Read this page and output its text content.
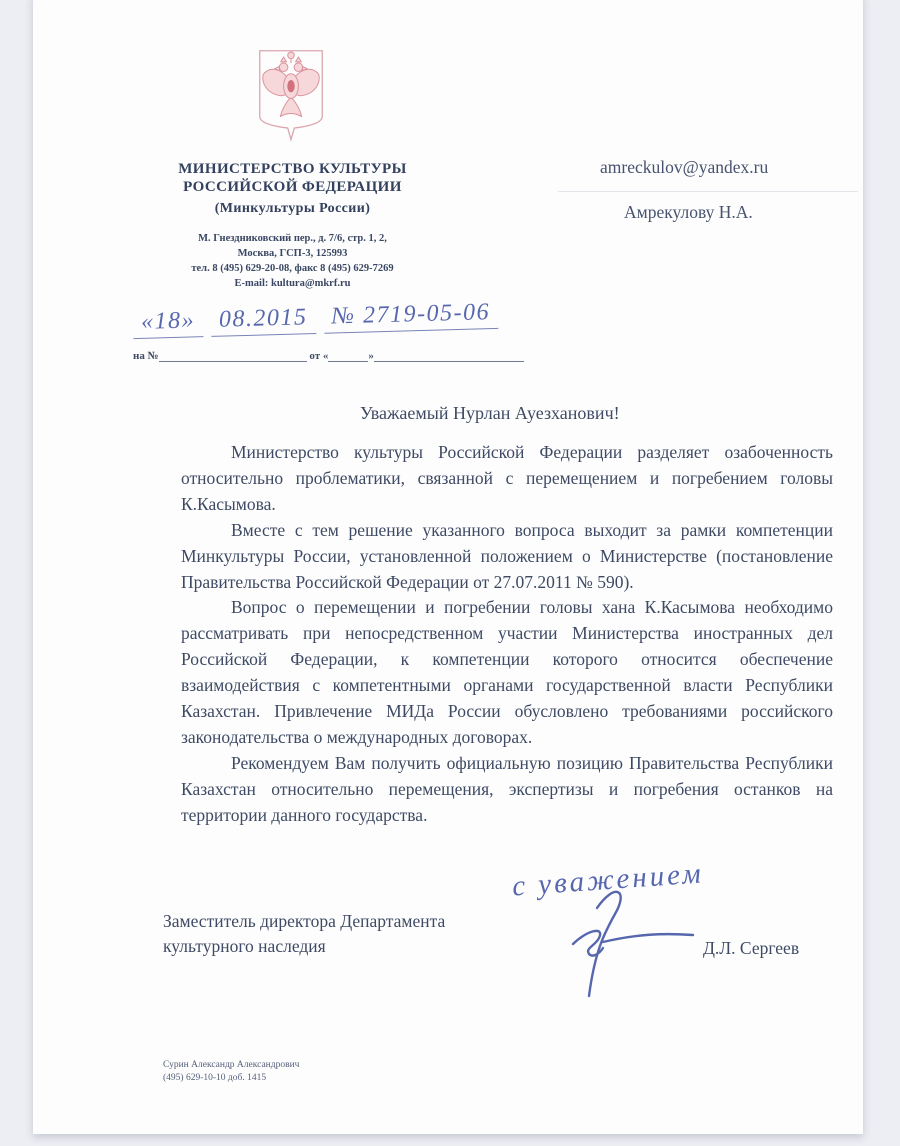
МИНИСТЕРСТВО КУЛЬТУРЫ
РОССИЙСКОЙ ФЕДЕРАЦИИ
(Минкультуры России)
М. Гнездниковский пер., д. 7/6, стр. 1, 2,
Москва, ГСП-3, 125993
тел. 8 (495) 629-20-08, факс 8 (495) 629-7269
E-mail: kultura@mkrf.ru
amreckulov@yandex.ru
Амрекулову Н.А.
«18» 08.2015 № 2719-05-06
на №	от «	»
Уважаемый Нурлан Ауезханович!

Министерство культуры Российской Федерации разделяет озабоченность относительно проблематики, связанной с перемещением и погребением головы К.Касымова.

Вместе с тем решение указанного вопроса выходит за рамки компетенции Минкультуры России, установленной положением о Министерстве (постановление Правительства Российской Федерации от 27.07.2011 № 590).

Вопрос о перемещении и погребении головы хана К.Касымова необходимо рассматривать при непосредственном участии Министерства иностранных дел Российской Федерации, к компетенции которого относится обеспечение взаимодействия с компетентными органами государственной власти Республики Казахстан. Привлечение МИДа России обусловлено требованиями российского законодательства о международных договорах.

Рекомендуем Вам получить официальную позицию Правительства Республики Казахстан относительно перемещения, экспертизы и погребения останков на территории данного государства.

с уважением
Заместитель директора Департамента
культурного наследия	Д.Л. Сергеев
Сурин Александр Александрович
(495) 629-10-10 доб. 1415
